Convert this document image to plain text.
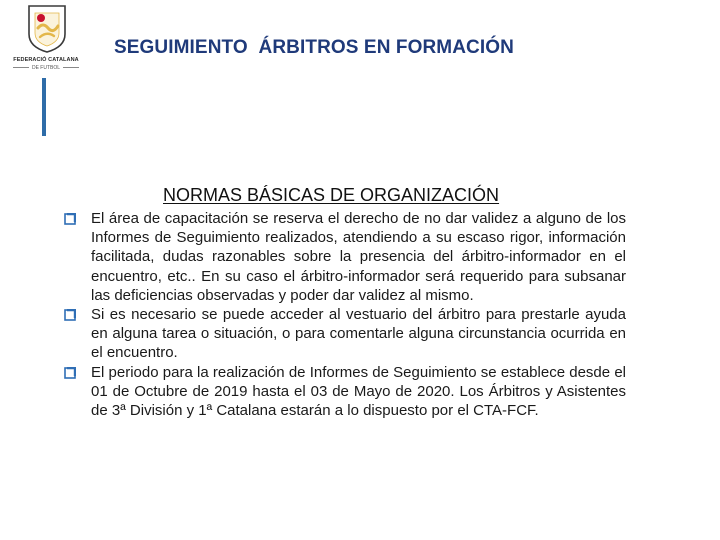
FEDERACIÓ CATALANA
DE FUTBOL
SEGUIMIENTO  ÁRBITROS EN FORMACIÓN
NORMAS BÁSICAS DE ORGANIZACIÓN
El área de capacitación se reserva el derecho de no dar validez a alguno de los Informes de Seguimiento realizados, atendiendo a su escaso rigor, información facilitada, dudas razonables sobre la presencia del árbitro-informador en el encuentro, etc.. En su caso el árbitro-informador será requerido para subsanar las deficiencias observadas y poder dar validez al mismo.
Si es necesario se puede acceder al vestuario del árbitro para prestarle ayuda en alguna tarea o situación, o para comentarle alguna circunstancia ocurrida en el encuentro.
El periodo para la realización de Informes de Seguimiento se establece desde el 01 de Octubre de 2019 hasta el 03 de Mayo de 2020. Los Árbitros y Asistentes de 3ª División y 1ª Catalana estarán a lo dispuesto por el CTA-FCF.
